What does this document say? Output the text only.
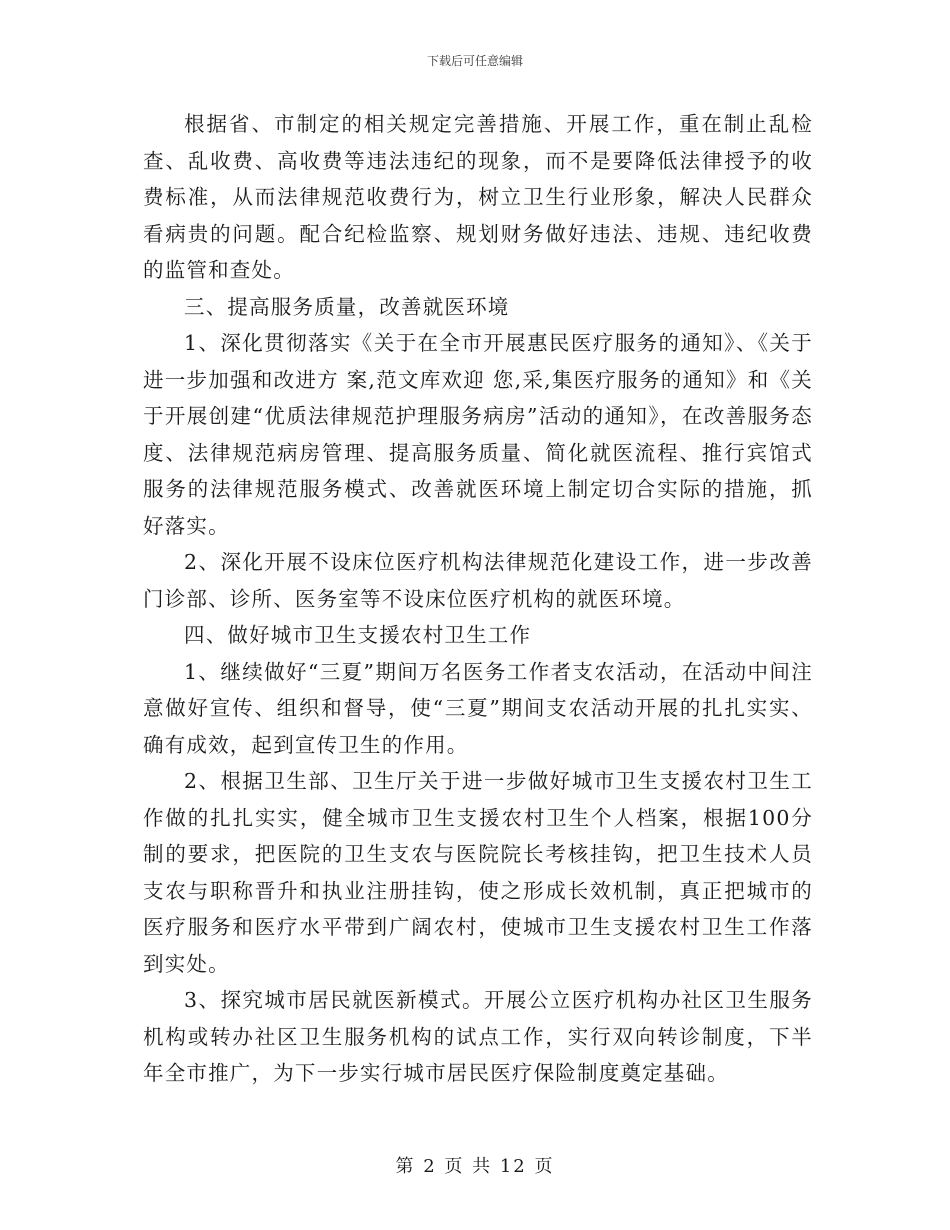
下载后可任意编辑

根据省、市制定的相关规定完善措施、开展工作，重在制止乱检查、乱收费、高收费等违法违纪的现象，而不是要降低法律授予的收费标准，从而法律规范收费行为，树立卫生行业形象，解决人民群众看病贵的问题。配合纪检监察、规划财务做好违法、违规、违纪收费的监管和查处。

三、提高服务质量，改善就医环境

1、深化贯彻落实《关于在全市开展惠民医疗服务的通知》、《关于进一步加强和改进方 案,范文库欢迎 您,采,集医疗服务的通知》和《关于开展创建“优质法律规范护理服务病房”活动的通知》，在改善服务态度、法律规范病房管理、提高服务质量、简化就医流程、推行宾馆式服务的法律规范服务模式、改善就医环境上制定切合实际的措施，抓好落实。

2、深化开展不设床位医疗机构法律规范化建设工作，进一步改善门诊部、诊所、医务室等不设床位医疗机构的就医环境。

四、做好城市卫生支援农村卫生工作

1、继续做好“三夏”期间万名医务工作者支农活动，在活动中间注意做好宣传、组织和督导，使“三夏”期间支农活动开展的扎扎实实、确有成效，起到宣传卫生的作用。

2、根据卫生部、卫生厅关于进一步做好城市卫生支援农村卫生工作做的扎扎实实，健全城市卫生支援农村卫生个人档案，根据100分制的要求，把医院的卫生支农与医院院长考核挂钩，把卫生技术人员支农与职称晋升和执业注册挂钩，使之形成长效机制，真正把城市的医疗服务和医疗水平带到广阔农村，使城市卫生支援农村卫生工作落到实处。

3、探究城市居民就医新模式。开展公立医疗机构办社区卫生服务机构或转办社区卫生服务机构的试点工作，实行双向转诊制度，下半年全市推广，为下一步实行城市居民医疗保险制度奠定基础。

第 2 页 共 12 页
